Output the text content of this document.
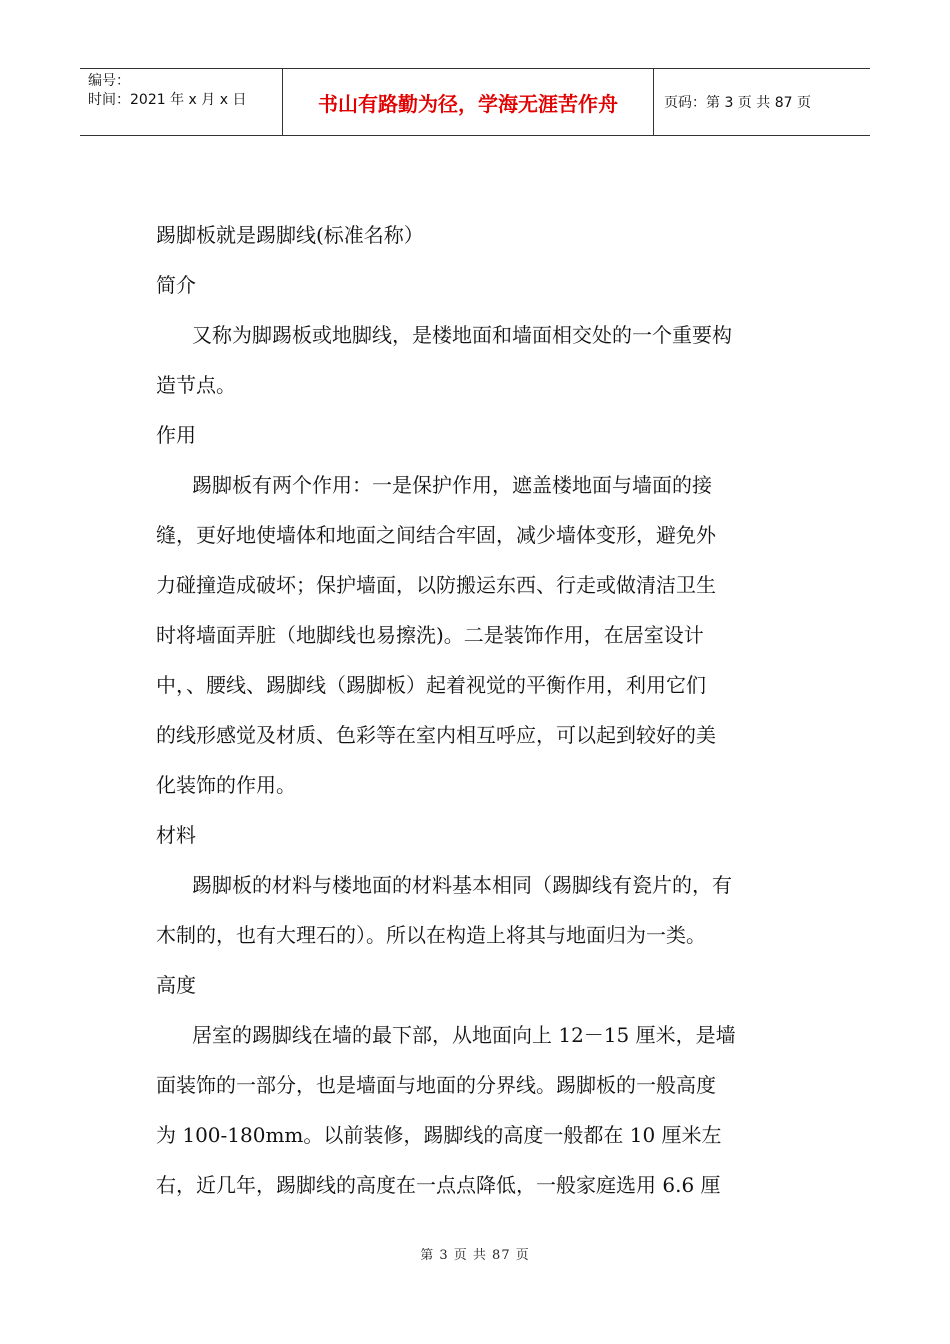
编号：
时间：2021 年 x 月 x 日	书山有路勤为径，学海无涯苦作舟	页码：第 3 页 共 87 页
踢脚板就是踢脚线(标准名称）
简介
又称为脚踢板或地脚线，是楼地面和墙面相交处的一个重要构
造节点。
作用
踢脚板有两个作用：一是保护作用，遮盖楼地面与墙面的接
缝，更好地使墙体和地面之间结合牢固，减少墙体变形，避免外
力碰撞造成破坏；保护墙面，以防搬运东西、行走或做清洁卫生
时将墙面弄脏（地脚线也易擦洗)。二是装饰作用，在居室设计
中，、腰线、踢脚线（踢脚板）起着视觉的平衡作用，利用它们
的线形感觉及材质、色彩等在室内相互呼应，可以起到较好的美
化装饰的作用。
材料
踢脚板的材料与楼地面的材料基本相同（踢脚线有瓷片的，有
木制的，也有大理石的）。所以在构造上将其与地面归为一类。
高度
居室的踢脚线在墙的最下部，从地面向上 12－15 厘米，是墙
面装饰的一部分，也是墙面与地面的分界线。踢脚板的一般高度
为 100-180mm。以前装修，踢脚线的高度一般都在 10 厘米左
右，近几年，踢脚线的高度在一点点降低，一般家庭选用 6.6 厘
第 3 页 共 87 页
